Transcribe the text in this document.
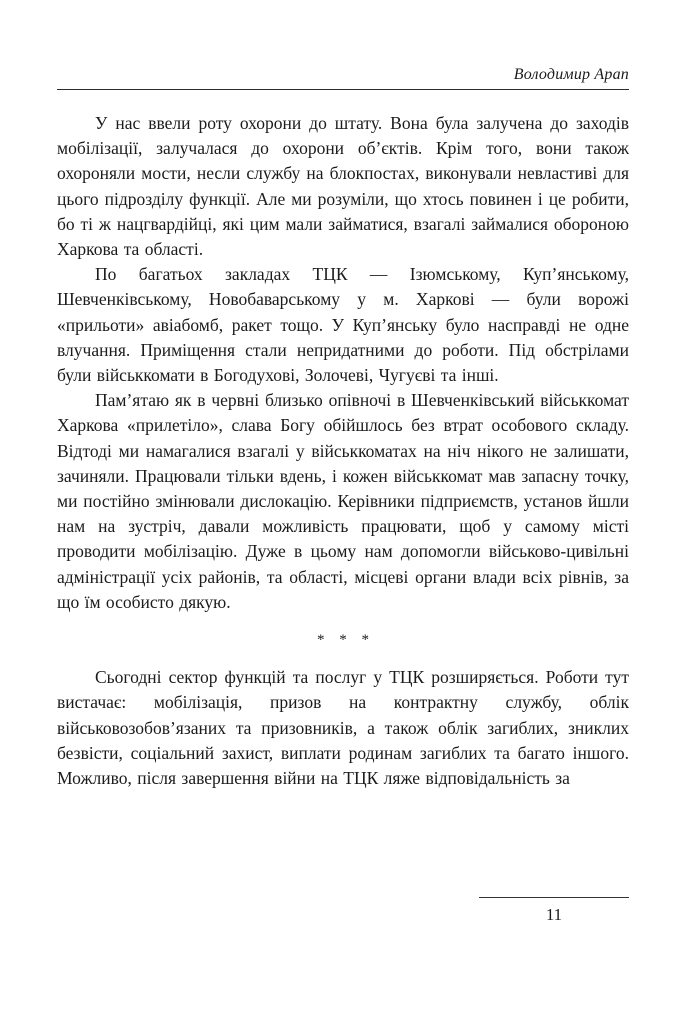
Володимир Арап

У нас ввели роту охорони до штату. Вона була залучена до заходів мобілізації, залучалася до охорони об’єктів. Крім того, вони також охороняли мости, несли службу на блокпостах, виконували невластиві для цього підрозділу функції. Але ми розуміли, що хтось повинен і це робити, бо ті ж нацгвардійці, які цим мали займатися, взагалі займалися обороною Харкова та області.

По багатьох закладах ТЦК — Ізюмському, Куп’янському, Шевченківському, Новобаварському у м. Харкові — були ворожі «прильоти» авіабомб, ракет тощо. У Куп’янську було насправді не одне влучання. Приміщення стали непридатними до роботи. Під обстрілами були військкомати в Богодухові, Золочеві, Чугуєві та інші.

Пам’ятаю як в червні близько опівночі в Шевченківський військкомат Харкова «прилетіло», слава Богу обійшлось без втрат особового складу. Відтоді ми намагалися взагалі у військкоматах на ніч нікого не залишати, зачиняли. Працювали тільки вдень, і кожен військкомат мав запасну точку, ми постійно змінювали дислокацію. Керівники підприємств, установ йшли нам на зустріч, давали можливість працювати, щоб у самому місті проводити мобілізацію. Дуже в цьому нам допомогли військово-цивільні адміністрації усіх районів, та області, місцеві органи влади всіх рівнів, за що їм особисто дякую.

* * *

Сьогодні сектор функцій та послуг у ТЦК розширяється. Роботи тут вистачає: мобілізація, призов на контрактну службу, облік військовозобов’язаних та призовників, а також облік загиблих, зниклих безвісти, соціальний захист, виплати родинам загиблих та багато іншого. Можливо, після завершення війни на ТЦК ляже відповідальність за

11
